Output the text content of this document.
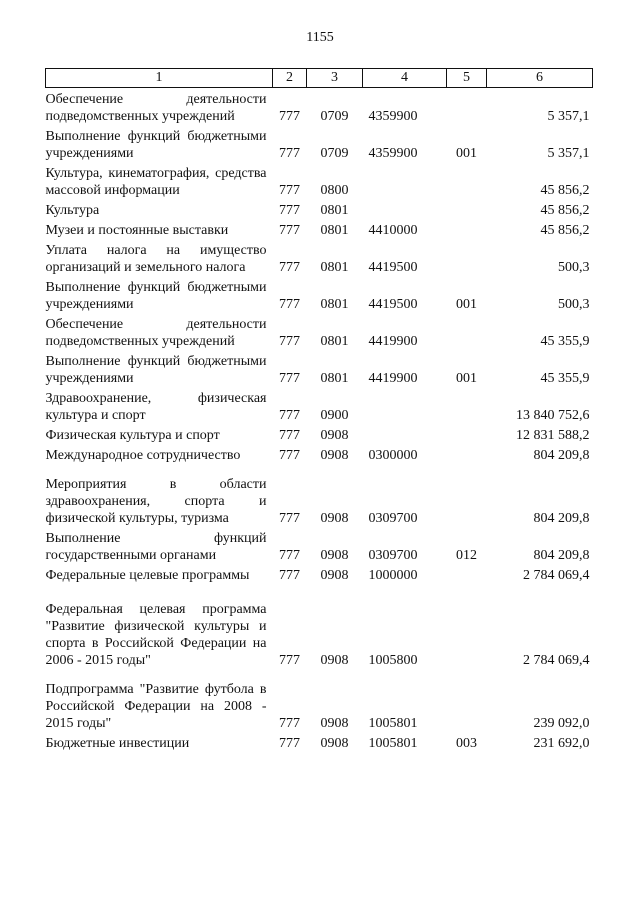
1155
1	2	3	4	5	6
Обеспечение деятельности подведомственных учреждений	777	0709	4359900		5 357,1
Выполнение функций бюджетными учреждениями	777	0709	4359900	001	5 357,1
Культура, кинематография, средства массовой информации	777	0800			45 856,2
Культура	777	0801			45 856,2
Музеи и постоянные выставки	777	0801	4410000		45 856,2
Уплата налога на имущество организаций и земельного налога	777	0801	4419500		500,3
Выполнение функций бюджетными учреждениями	777	0801	4419500	001	500,3
Обеспечение деятельности подведомственных учреждений	777	0801	4419900		45 355,9
Выполнение функций бюджетными учреждениями	777	0801	4419900	001	45 355,9
Здравоохранение, физическая культура и спорт	777	0900			13 840 752,6
Физическая культура и спорт	777	0908			12 831 588,2
Международное сотрудничество	777	0908	0300000		804 209,8
Мероприятия в области здравоохранения, спорта и физической культуры, туризма	777	0908	0309700		804 209,8
Выполнение функций государственными органами	777	0908	0309700	012	804 209,8
Федеральные целевые программы	777	0908	1000000		2 784 069,4
Федеральная целевая программа "Развитие физической культуры и спорта в Российской Федерации на 2006 - 2015 годы"	777	0908	1005800		2 784 069,4
Подпрограмма "Развитие футбола в Российской Федерации на 2008 - 2015 годы"	777	0908	1005801		239 092,0
Бюджетные инвестиции	777	0908	1005801	003	231 692,0
